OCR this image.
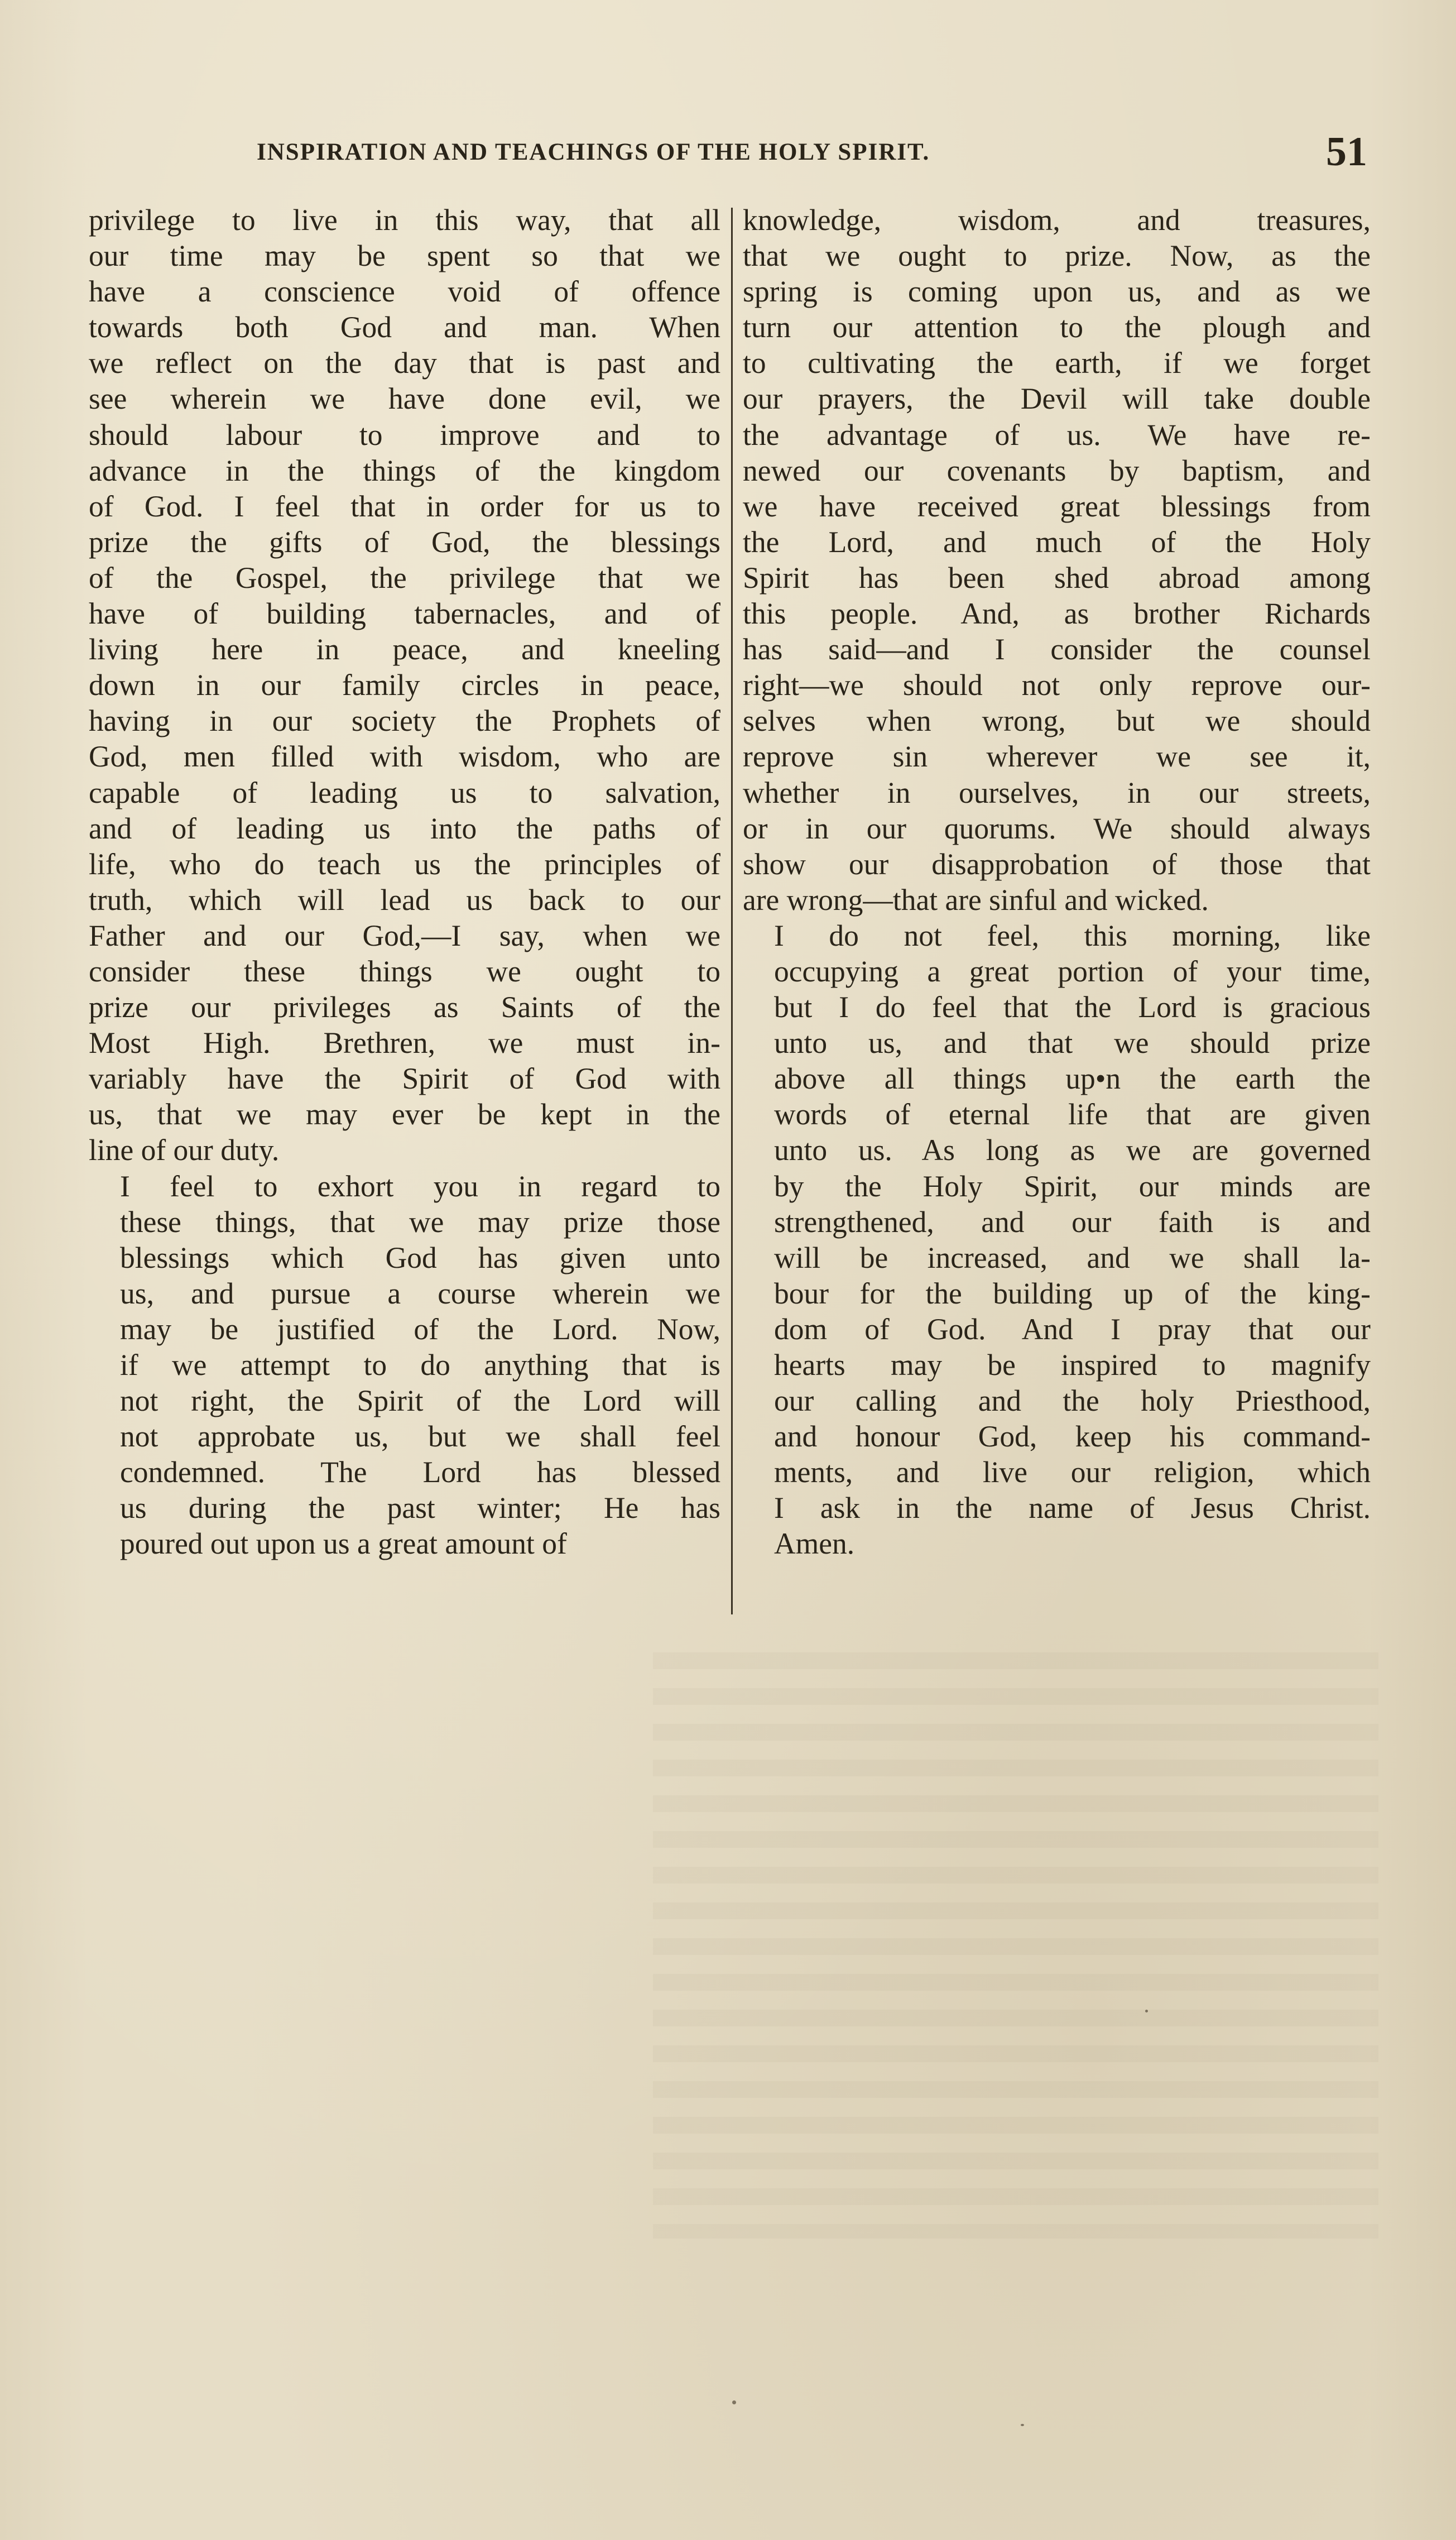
INSPIRATION AND TEACHINGS OF THE HOLY SPIRIT.	51

privilege to live in this way, that all
our time may be spent so that we
have a conscience void of offence
towards both God and man. When
we reflect on the day that is past and
see wherein we have done evil, we
should labour to improve and to
advance in the things of the kingdom
of God. I feel that in order for us to
prize the gifts of God, the blessings
of the Gospel, the privilege that we
have of building tabernacles, and of
living here in peace, and kneeling
down in our family circles in peace,
having in our society the Prophets of
God, men filled with wisdom, who are
capable of leading us to salvation,
and of leading us into the paths of
life, who do teach us the principles of
truth, which will lead us back to our
Father and our God,—I say, when we
consider these things we ought to
prize our privileges as Saints of the
Most High. Brethren, we must in-
variably have the Spirit of God with
us, that we may ever be kept in the
line of our duty.

I feel to exhort you in regard to
these things, that we may prize those
blessings which God has given unto
us, and pursue a course wherein we
may be justified of the Lord. Now,
if we attempt to do anything that is
not right, the Spirit of the Lord will
not approbate us, but we shall feel
condemned. The Lord has blessed
us during the past winter; He has
poured out upon us a great amount of

knowledge, wisdom, and treasures,
that we ought to prize. Now, as the
spring is coming upon us, and as we
turn our attention to the plough and
to cultivating the earth, if we forget
our prayers, the Devil will take double
the advantage of us. We have re-
newed our covenants by baptism, and
we have received great blessings from
the Lord, and much of the Holy
Spirit has been shed abroad among
this people. And, as brother Richards
has said—and I consider the counsel
right—we should not only reprove our-
selves when wrong, but we should
reprove sin wherever we see it,
whether in ourselves, in our streets,
or in our quorums. We should always
show our disapprobation of those that
are wrong—that are sinful and wicked.

I do not feel, this morning, like
occupying a great portion of your time,
but I do feel that the Lord is gracious
unto us, and that we should prize
above all things up•n the earth the
words of eternal life that are given
unto us. As long as we are governed
by the Holy Spirit, our minds are
strengthened, and our faith is and
will be increased, and we shall la-
bour for the building up of the king-
dom of God. And I pray that our
hearts may be inspired to magnify
our calling and the holy Priesthood,
and honour God, keep his command-
ments, and live our religion, which
I ask in the name of Jesus Christ.
Amen.
